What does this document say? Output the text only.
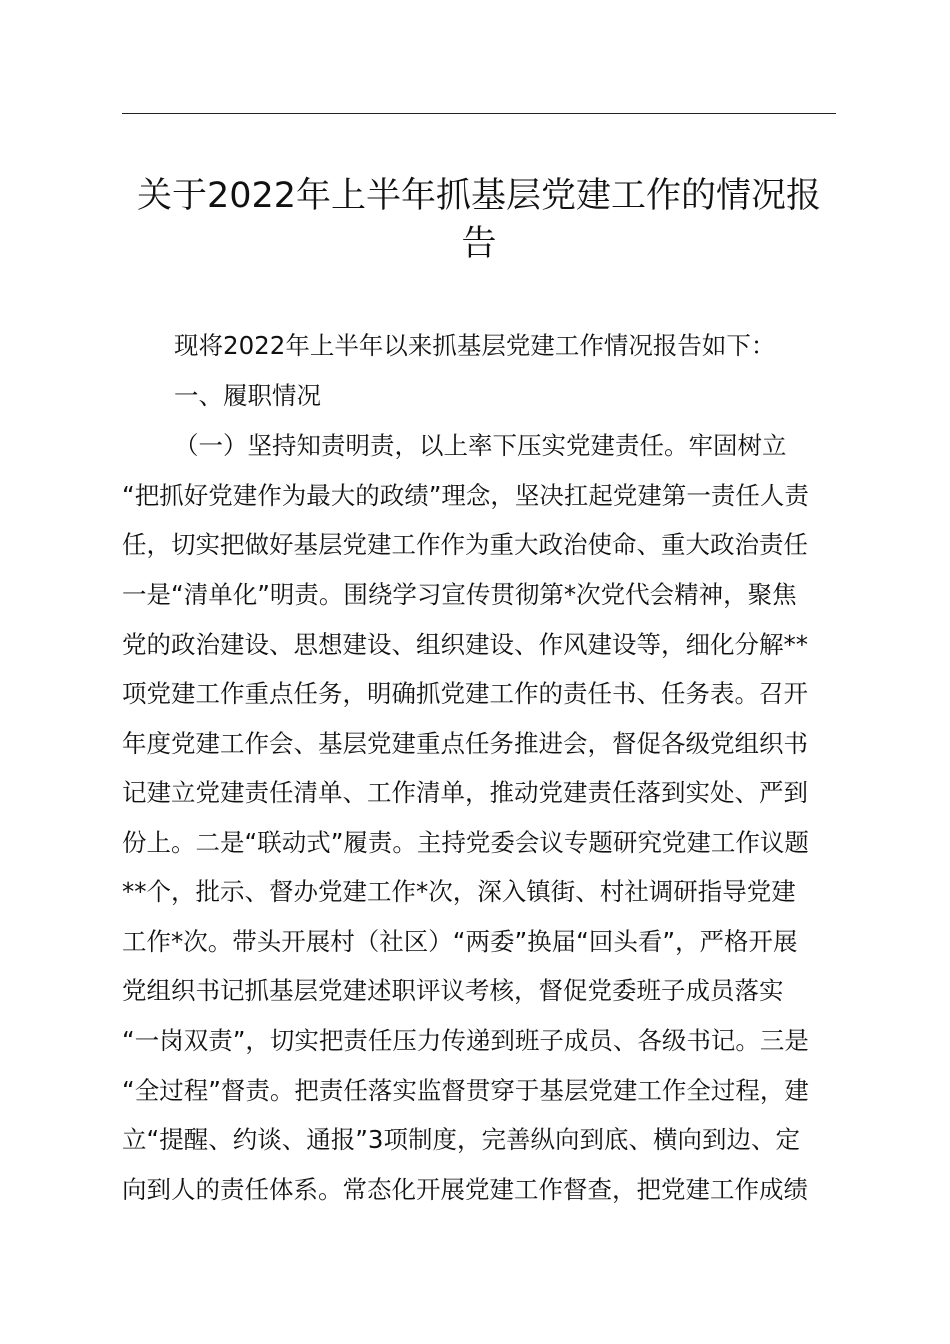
关于2022年上半年抓基层党建工作的情况报
告
现将2022年上半年以来抓基层党建工作情况报告如下：
一、履职情况
（一）坚持知责明责，以上率下压实党建责任。牢固树立
“把抓好党建作为最大的政绩”理念，坚决扛起党建第一责任人责
任，切实把做好基层党建工作作为重大政治使命、重大政治责任
一是“清单化”明责。围绕学习宣传贯彻第*次党代会精神，聚焦
党的政治建设、思想建设、组织建设、作风建设等，细化分解**
项党建工作重点任务，明确抓党建工作的责任书、任务表。召开
年度党建工作会、基层党建重点任务推进会，督促各级党组织书
记建立党建责任清单、工作清单，推动党建责任落到实处、严到
份上。二是“联动式”履责。主持党委会议专题研究党建工作议题
**个，批示、督办党建工作*次，深入镇街、村社调研指导党建
工作*次。带头开展村（社区）“两委”换届“回头看”，严格开展
党组织书记抓基层党建述职评议考核，督促党委班子成员落实
“一岗双责”，切实把责任压力传递到班子成员、各级书记。三是
“全过程”督责。把责任落实监督贯穿于基层党建工作全过程，建
立“提醒、约谈、通报”3项制度，完善纵向到底、横向到边、定
向到人的责任体系。常态化开展党建工作督查，把党建工作成绩
